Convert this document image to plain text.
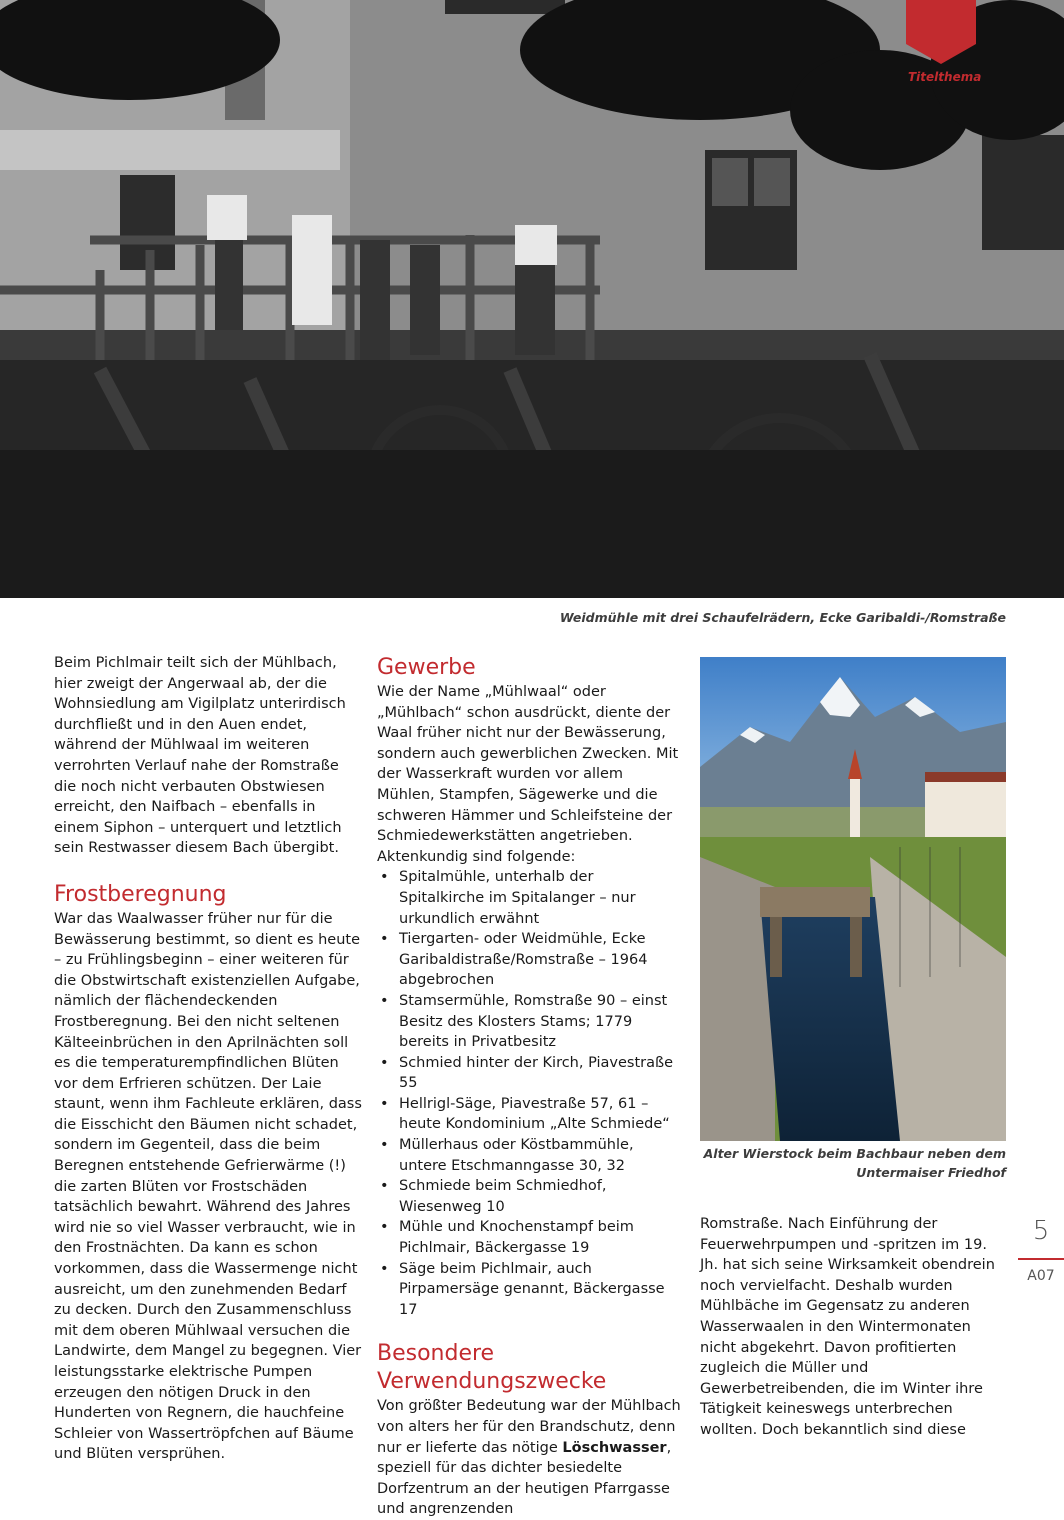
Titelthema
Weidmühle mit drei Schaufelrädern, Ecke Garibaldi-/Romstraße

Beim Pichlmair teilt sich der Mühlbach, hier zweigt der Angerwaal ab, der die Wohnsiedlung am Vigilplatz unterirdisch durchfließt und in den Auen endet, während der Mühlwaal im weiteren verrohrten Verlauf nahe der Romstraße die noch nicht verbauten Obstwiesen erreicht, den Naifbach – ebenfalls in einem Siphon – unterquert und letztlich sein Restwasser diesem Bach übergibt.

Frostberegnung

War das Waalwasser früher nur für die Bewässerung bestimmt, so dient es heute – zu Frühlingsbeginn – einer weiteren für die Obstwirtschaft existenziellen Aufgabe, nämlich der flächendeckenden Frostberegnung. Bei den nicht seltenen Kälteeinbrüchen in den Aprilnächten soll es die temperaturempfindlichen Blüten vor dem Erfrieren schützen. Der Laie staunt, wenn ihm Fachleute erklären, dass die Eisschicht den Bäumen nicht schadet, sondern im Gegenteil, dass die beim Beregnen entstehende Gefrierwärme (!) die zarten Blüten vor Frostschäden tatsächlich bewahrt. Während des Jahres wird nie so viel Wasser verbraucht, wie in den Frostnächten. Da kann es schon vorkommen, dass die Wassermenge nicht ausreicht, um den zunehmenden Bedarf zu decken. Durch den Zusammenschluss mit dem oberen Mühlwaal versuchen die Landwirte, dem Mangel zu begegnen. Vier leistungsstarke elektrische Pumpen erzeugen den nötigen Druck in den Hunderten von Regnern, die hauchfeine Schleier von Wassertröpfchen auf Bäume und Blüten versprühen.

Gewerbe

Wie der Name „Mühlwaal“ oder „Mühlbach“ schon ausdrückt, diente der Waal früher nicht nur der Bewässerung, sondern auch gewerblichen Zwecken. Mit der Wasserkraft wurden vor allem Mühlen, Stampfen, Sägewerke und die schweren Hämmer und Schleifsteine der Schmiedewerkstätten angetrieben. Aktenkundig sind folgende:

• Spitalmühle, unterhalb der Spitalkirche im Spitalanger – nur urkundlich erwähnt
• Tiergarten- oder Weidmühle, Ecke Garibaldistraße/Romstraße – 1964 abgebrochen
• Stamsermühle, Romstraße 90 – einst Besitz des Klosters Stams; 1779 bereits in Privatbesitz
• Schmied hinter der Kirch, Piavestraße 55
• Hellrigl-Säge, Piavestraße 57, 61 – heute Kondominium „Alte Schmiede“
• Müllerhaus oder Köstbammühle, untere Etschmanngasse 30, 32
• Schmiede beim Schmiedhof, Wiesenweg 10
• Mühle und Knochenstampf beim Pichlmair, Bäckergasse 19
• Säge beim Pichlmair, auch Pirpamersäge genannt, Bäckergasse 17
Besondere Verwendungszwecke

Von größter Bedeutung war der Mühlbach von alters her für den Brandschutz, denn nur er lieferte das nötige Löschwasser, speziell für das dichter besiedelte Dorfzentrum an der heutigen Pfarrgasse und angrenzenden

Alter Wierstock beim Bachbaur neben dem
Untermaiser Friedhof

Romstraße. Nach Einführung der Feuerwehrpumpen und -spritzen im 19. Jh. hat sich seine Wirksamkeit obendrein noch vervielfacht. Deshalb wurden Mühlbäche im Gegensatz zu anderen Wasserwaalen in den Wintermonaten nicht abgekehrt. Davon profitierten zugleich die Müller und Gewerbetreibenden, die im Winter ihre Tätigkeit keineswegs unterbrechen wollten. Doch bekanntlich sind diese

5
A07
